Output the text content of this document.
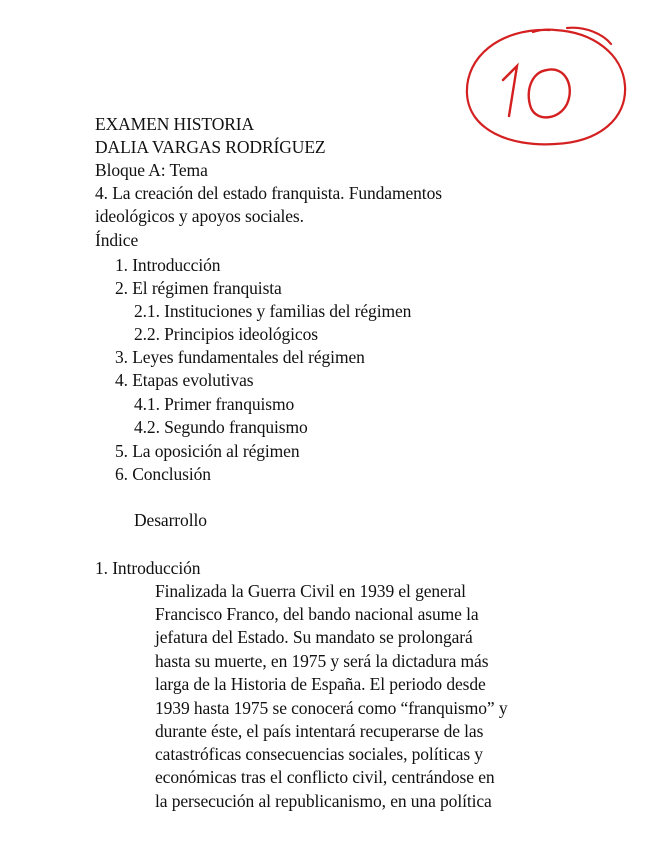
10
EXAMEN HISTORIA
DALIA VARGAS RODRÍGUEZ
Bloque A: Tema
4. La creación del estado franquista. Fundamentos
ideológicos y apoyos sociales.
Índice
1. Introducción
2. El régimen franquista
2.1. Instituciones y familias del régimen
2.2. Principios ideológicos
3. Leyes fundamentales del régimen
4. Etapas evolutivas
4.1. Primer franquismo
4.2. Segundo franquismo
5. La oposición al régimen
6. Conclusión
Desarrollo
1. Introducción
Finalizada la Guerra Civil en 1939 el general
Francisco Franco, del bando nacional asume la
jefatura del Estado. Su mandato se prolongará
hasta su muerte, en 1975 y será la dictadura más
larga de la Historia de España. El periodo desde
1939 hasta 1975 se conocerá como “franquismo” y
durante éste, el país intentará recuperarse de las
catastróficas consecuencias sociales, políticas y
económicas tras el conflicto civil, centrándose en
la persecución al republicanismo, en una política
